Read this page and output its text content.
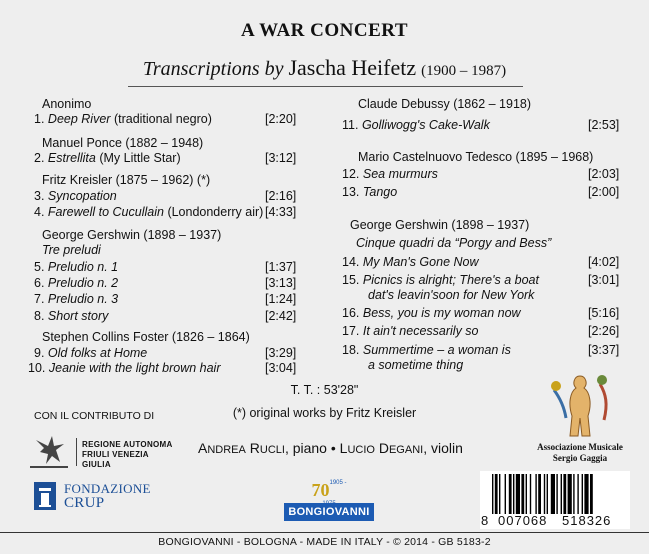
A WAR CONCERT
Transcriptions by Jascha Heifetz (1900 – 1987)
Anonimo
1. Deep River (traditional negro)	[2:20]
Manuel Ponce (1882 – 1948)
2. Estrellita (My Little Star)	[3:12]
Fritz Kreisler (1875 – 1962) (*)
3. Syncopation	[2:16]
4. Farewell to Cucullain (Londonderry air) [4:33]
George Gershwin (1898 – 1937)
Tre preludi
5. Preludio n. 1	[1:37]
6. Preludio n. 2	[3:13]
7. Preludio n. 3	[1:24]
8. Short story	[2:42]
Stephen Collins Foster (1826 – 1864)
9. Old folks at Home	[3:29]
10. Jeanie with the light brown hair	[3:04]
Claude Debussy (1862 – 1918)
11. Golliwogg's Cake-Walk	[2:53]
Mario Castelnuovo Tedesco (1895 – 1968)
12. Sea murmurs	[2:03]
13. Tango	[2:00]
George Gershwin (1898 – 1937)
Cinque quadri da “Porgy and Bess”
14. My Man's Gone Now	[4:02]
15. Picnics is alright; There's a boat
dat's leavin'soon for New York
[3:01]
16. Bess, you is my woman now	[5:16]
17. It ain't necessarily so	[2:26]
18. Summertime – a woman is
a sometime thing
[3:37]
T. T. : 53'28"
(*) original works by Fritz Kreisler
CON IL CONTRIBUTO DI
REGIONE AUTONOMA
FRIULI VENEZIA GIULIA
FONDAZIONE
CRUP
ANDREA RUCLI, piano • LUCIO DEGANI, violin
$70^{1905 -}$
BONGIOVANNI
Associazione Musicale
Sergio Gaggia
8 007068 518326
BONGIOVANNI - BOLOGNA - MADE IN ITALY - © 2014 - GB 5183-2
